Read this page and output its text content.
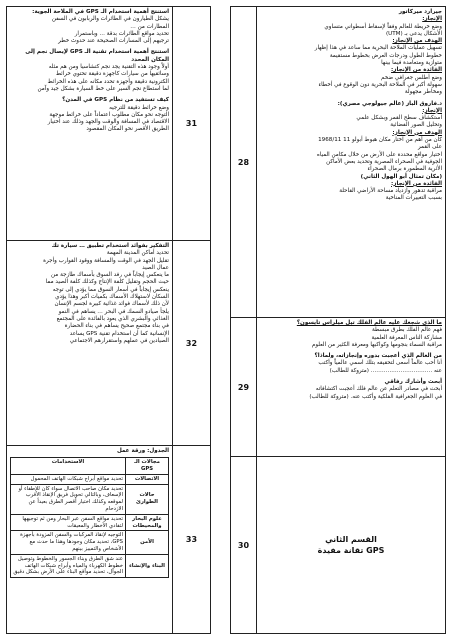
استنتج أهمية استخدام الـ GPS في الملاحة الجوية:
يشكل الطيارون في الطائرات والربابون في السفن
المطارات من …
تحديد مواقع الطائرات بدقة … وباستمرار
ترجيهم إلى المسارات الصحيحة عند حدوث خطر
استنتج أهمية استخدام تقنية الـ GPS لإيصال نجم إلى المكان المحدد
أولاً وجود هذه التقنية يجد نجم كتشاسيا ومن هم مثله
وسائقيها من سيارات كاجهزة دقيقة تحتوي خرائط
الكترونية دقيقة وأجهزة تحدد مكانه على هذه الخرائط
لما استطاع نجم السير على خط السيارة بشكل جيد وآمن
كيف تستفيد من نظام GPS في المدن؟
وضع خرائط دقيقة للترجيه
التوجه نحو مكان مطلوب اعتماداً على خرائط موجهة
الاقتصاد في المسافة والوقت والجهد وذلك عند اختيار
الطريق الأقصر نحو المكان المقصود
31
التفكير بفوائد استخدام تطبيق … سيارة تك
تحديد أماكن المدينة المهمة
تقليل الجهد في الوقت والمسافة ووقود القوارب وأجرة
عمال الصيد
ما ينعكس إيجاباً في رفد السوق بأسماك طازجة من
حيث الحجم وتقليل كلفة الإنتاج وكذلك كلفة الصيد مما
ينعكس إيجاباً في أسعار السوق مما يؤدي إلى توجه
السكان لاستهلاك الأسماك بكميات أكبر وهذا يؤدي
لأن ذلك لأسماك فوائد غذائية كبيرة لجسم الإنسان
يلجأ صيادو السمك في البحر … يساهم في النمو
الغذائي والبشري الذي يعود بالفائدة على المجتمع
في بناء مجتمع صحيح يساهم في بناء الحضارة
الإنسانية كما أن استخدام تقنية GPS يساعد
الصيادين في عملهم واستقرارهم الاجتماعي	32
الجدول: ورقة عمل
مجالات الـ GPS	الاستخدامات
الاتصالات	تحديد مواقع أبراج شبكات الهاتف المحمول
حالات الطوارئ	تحديد مكان صاحب الاتصال سواء كان للإطفاء أو الإسعاف، وبالتالي تحويل فريق الإنقاذ الأقرب لموقعه وكذلك اختيار أقصر الطرق بعيداً عن الازدحام
علوم البحار والمحيطات	تحديد مواقع السفن عبر البحار ومن ثم توجيهها لتفادي الأخطار والمعيقات
الأمن	التوجيه لإنقاذ المركبات والسفن المزودة بأجهزة GPS، تحديد مكان وجودها وهذا ما حدث مع الأشخاص والتمييز بينهم
البناء والإنشاء	عند شق الطرق وبناء الجسور والخطوط وتوصيل خطوط الكهرباء والمياه وأبراج شبكات الهاتف الجوال، تحديد مواقع البناء على الأرض بشكل دقيق
33
28
جيرارد ميركاتور
الإنجاز:
وضع خريطة للعالم وفقاً لإسقاط أسطواني متساوي
الأشكال يدعى بـ (UTM)
الهدف من الإنجاز:
تسهيل عمليات الملاحة البحرية مما ساعد في هذا إظهار
خطوط الطول ودرجات العرض بخطوط مستقيمة
متوازية ومتعامدة فيما بينها
الفائدة من الإنجاز:
وضع أطلس جغرافي ضخم
سهولة أكبر في الملاحة البحرية دون الوقوع في أخطاء
ومخاطر مجهولة
د.فاروق الباز (عالم جيولوجي مصري):
الإنجاز:
استكشاف سطح القمر وبشكل علمي
وتحليل الصور الفضائية
الهدف من الإنجاز:
كان من أهم من اختار مكان هبوط أبولو 11 1968/11
على القمر
اختيار مواقع محددة على الأرض من خلال مكامن المياه
الجوفية في الصحراء المصرية وتحديد بعض الأماكن
الأثرية المطمورة برمال الصحراء
(مكان تمثال أبو الهول الثاني)
الفائدة من الإنجاز:
مراقبة تدهور وازدياد مساحة الأراضي القاحلة
بسبب التغييرات المناخية
29
ما الذي شجعك عليه عالم الفلك تيل ميلراس تايسون؟
فهم عالم الفلك بطرق مبسطة
مشاركة الناس المعرفة العلمية
مراقبة السماء بنجومها وكواكبها ومعرفة الكثير من العلوم
من العالم الذي أعجبت بدوره وإنجازاته، ولماذا؟
أنا أحب عالماً أسعى لتحقيقه بتلك اسمي عالمياً وأكتب
عنه …………………………… (متروكة للطالب)
أبحث وأشارك رفاقي
أبحث في مصادر التعلم عن عالم فلك أعجبت اكتشافاته
في العلوم الجغرافية الفلكية وأكتب عنه. (متروكة للطالب)
30
القسم الثاني
GPS تقانة مفيدة
